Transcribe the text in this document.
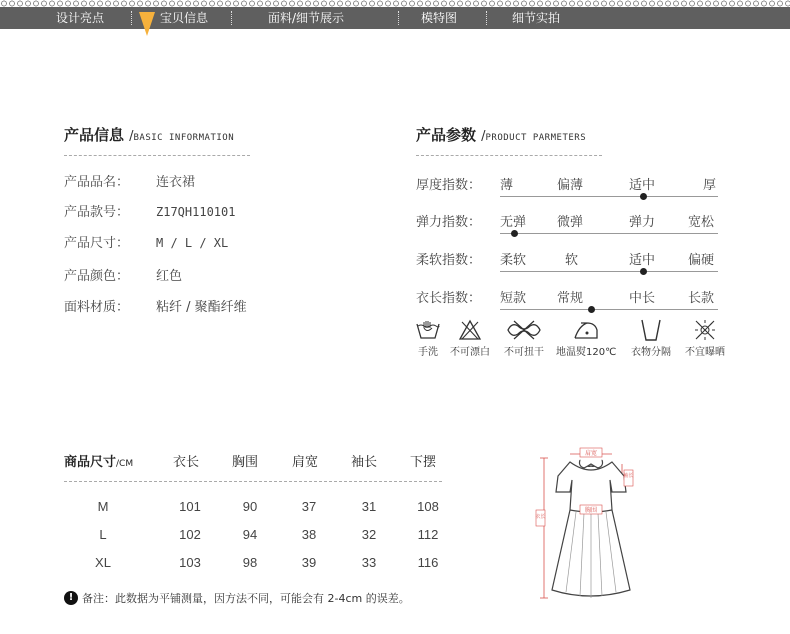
设计亮点	宝贝信息	面料/细节展示	模特图	细节实拍
产品信息 /BASIC INFORMATION
产品品名： 连衣裙
产品款号： Z17QH110101
产品尺寸： M / L / XL
产品颜色： 红色
面料材质： 粘纤 / 聚酯纤维
产品参数 /PRODUCT PARMETERS
厚度指数： 薄	偏薄	适中	厚
弹力指数： 无弹 微弹	弹力	宽松
柔软指数： 柔软	软	适中	偏硬
衣长指数： 短款 常规	中长	长款
手洗	不可漂白	不可扭干	地温熨120℃	衣物分隔	不宜曝晒
商品尺寸/CM	衣长	胸围	肩宽	袖长	下摆
M	101	90	37	31	108
L	102	94	38	32	112
XL	103	98	39	33	116
! 备注：此数据为平铺测量，因方法不同，可能会有 2-4cm 的误差。
肩宽
袖长
胸围
衣长
